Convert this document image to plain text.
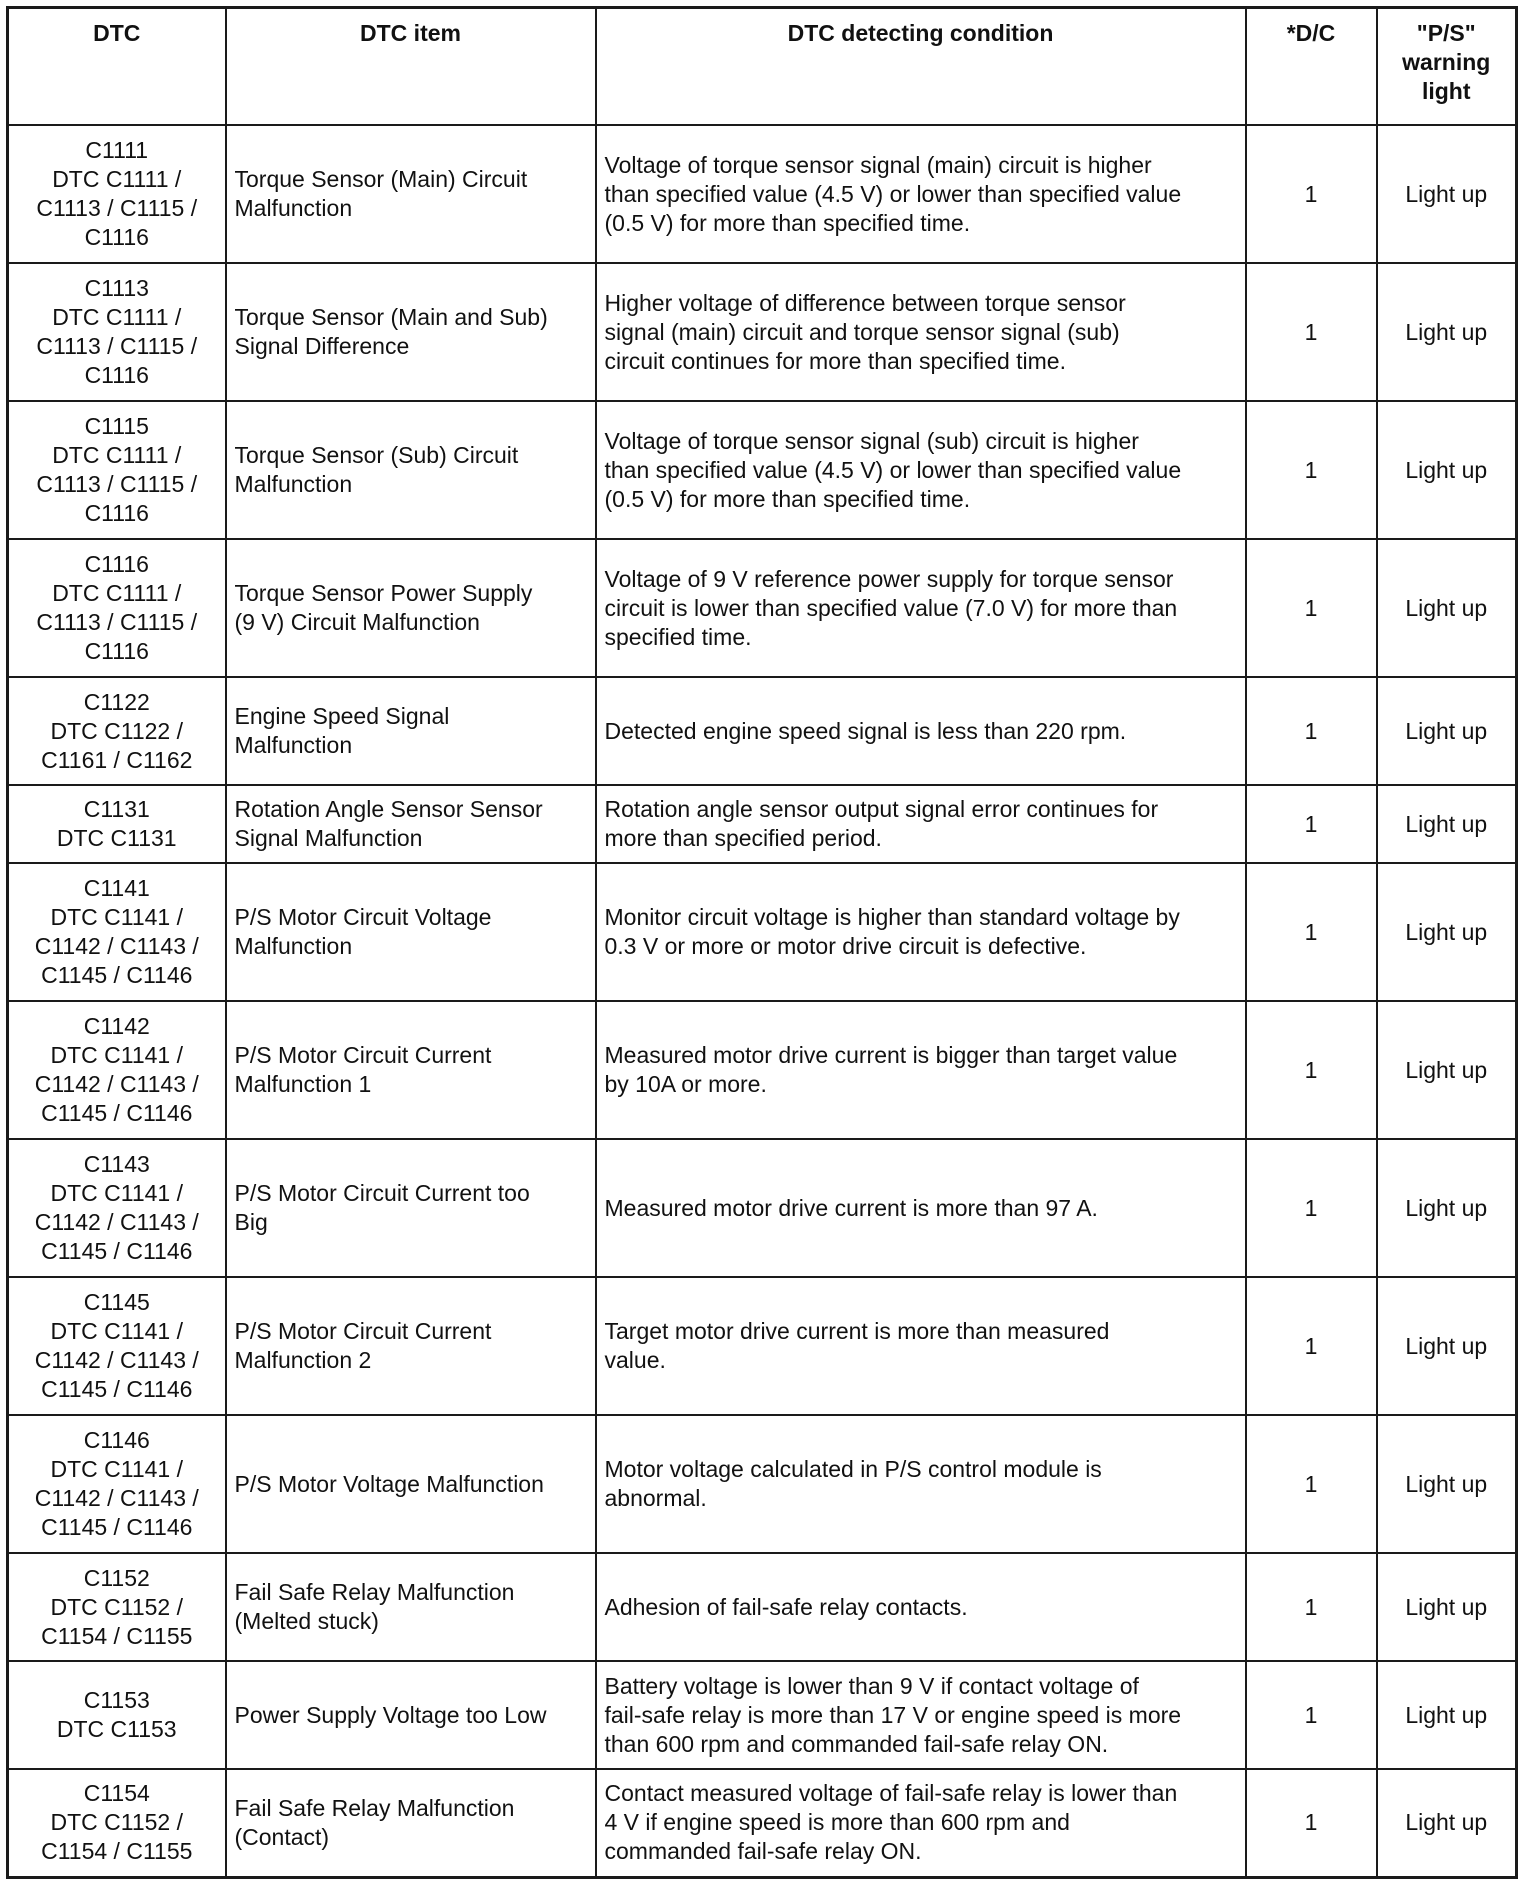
DTC	DTC item	DTC detecting condition	*D/C	"P/S" warning light

C1111
DTC C1111 /
C1113 / C1115 /
C1116	Torque Sensor (Main) Circuit
Malfunction	Voltage of torque sensor signal (main) circuit is higher
than specified value (4.5 V) or lower than specified value
(0.5 V) for more than specified time.	1	Light up

C1113
DTC C1111 /
C1113 / C1115 /
C1116	Torque Sensor (Main and Sub)
Signal Difference	Higher voltage of difference between torque sensor
signal (main) circuit and torque sensor signal (sub)
circuit continues for more than specified time.	1	Light up

C1115
DTC C1111 /
C1113 / C1115 /
C1116	Torque Sensor (Sub) Circuit
Malfunction	Voltage of torque sensor signal (sub) circuit is higher
than specified value (4.5 V) or lower than specified value
(0.5 V) for more than specified time.	1	Light up

C1116
DTC C1111 /
C1113 / C1115 /
C1116	Torque Sensor Power Supply
(9 V) Circuit Malfunction	Voltage of 9 V reference power supply for torque sensor
circuit is lower than specified value (7.0 V) for more than
specified time.	1	Light up

C1122
DTC C1122 /
C1161 / C1162	Engine Speed Signal
Malfunction	Detected engine speed signal is less than 220 rpm.	1	Light up

C1131
DTC C1131	Rotation Angle Sensor Sensor
Signal Malfunction	Rotation angle sensor output signal error continues for
more than specified period.	1	Light up

C1141
DTC C1141 /
C1142 / C1143 /
C1145 / C1146	P/S Motor Circuit Voltage
Malfunction	Monitor circuit voltage is higher than standard voltage by
0.3 V or more or motor drive circuit is defective.	1	Light up

C1142
DTC C1141 /
C1142 / C1143 /
C1145 / C1146	P/S Motor Circuit Current
Malfunction 1	Measured motor drive current is bigger than target value
by 10A or more.	1	Light up

C1143
DTC C1141 /
C1142 / C1143 /
C1145 / C1146	P/S Motor Circuit Current too
Big	Measured motor drive current is more than 97 A.	1	Light up

C1145
DTC C1141 /
C1142 / C1143 /
C1145 / C1146	P/S Motor Circuit Current
Malfunction 2	Target motor drive current is more than measured
value.	1	Light up

C1146
DTC C1141 /
C1142 / C1143 /
C1145 / C1146	P/S Motor Voltage Malfunction	Motor voltage calculated in P/S control module is
abnormal.	1	Light up

C1152
DTC C1152 /
C1154 / C1155	Fail Safe Relay Malfunction
(Melted stuck)	Adhesion of fail-safe relay contacts.	1	Light up

C1153
DTC C1153	Power Supply Voltage too Low	Battery voltage is lower than 9 V if contact voltage of
fail-safe relay is more than 17 V or engine speed is more
than 600 rpm and commanded fail-safe relay ON.	1	Light up

C1154
DTC C1152 /
C1154 / C1155	Fail Safe Relay Malfunction
(Contact)	Contact measured voltage of fail-safe relay is lower than
4 V if engine speed is more than 600 rpm and
commanded fail-safe relay ON.	1	Light up
